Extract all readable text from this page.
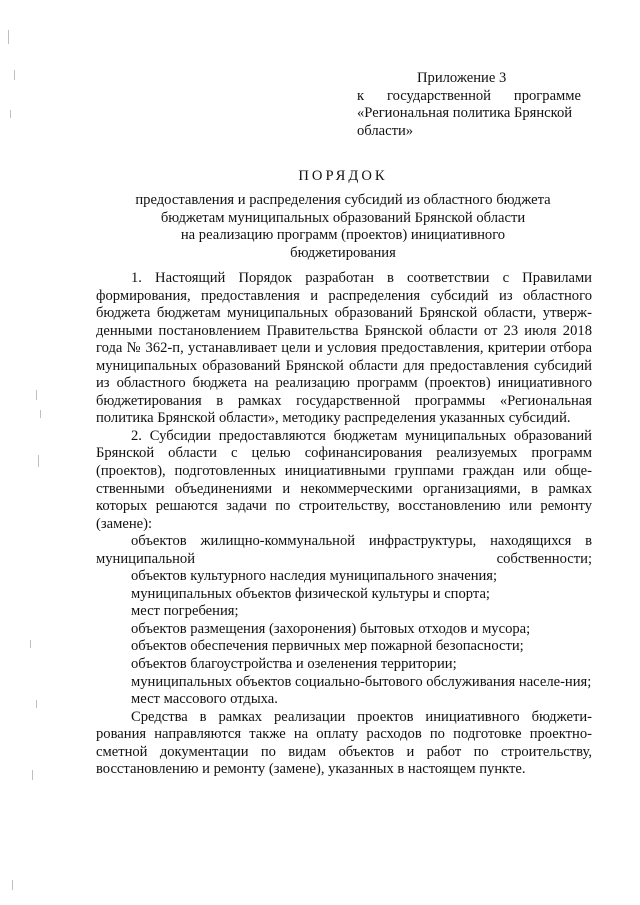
Приложение 3
к государственной программе
«Региональная политика Брянской
области»
ПОРЯДОК
предоставления и распределения субсидий из областного бюджета
бюджетам муниципальных образований Брянской области
на реализацию программ (проектов) инициативного
бюджетирования

1. Настоящий Порядок разработан в соответствии с Правилами формирования, предоставления и распределения субсидий из областного бюджета бюджетам муниципальных образований Брянской области, утверж-денными постановлением Правительства Брянской области от 23 июля 2018 года № 362-п, устанавливает цели и условия предоставления, критерии отбора муниципальных образований Брянской области для предоставления субсидий из областного бюджета на реализацию программ (проектов) инициативного бюджетирования в рамках государственной программы «Региональная политика Брянской области», методику распределения указанных субсидий.

2. Субсидии предоставляются бюджетам муниципальных образований Брянской области с целью софинансирования реализуемых программ (проектов), подготовленных инициативными группами граждан или обще-ственными объединениями и некоммерческими организациями, в рамках которых решаются задачи по строительству, восстановлению или ремонту (замене):

объектов жилищно-коммунальной инфраструктуры, находящихся в муниципальной собственности;

объектов культурного наследия муниципального значения;

муниципальных объектов физической культуры и спорта;

мест погребения;

объектов размещения (захоронения) бытовых отходов и мусора;

объектов обеспечения первичных мер пожарной безопасности;

объектов благоустройства и озеленения территории;

муниципальных объектов социально-бытового обслуживания населе-ния;

мест массового отдыха.

Средства в рамках реализации проектов инициативного бюджети-рования направляются также на оплату расходов по подготовке проектно-сметной документации по видам объектов и работ по строительству, восстановлению и ремонту (замене), указанных в настоящем пункте.
